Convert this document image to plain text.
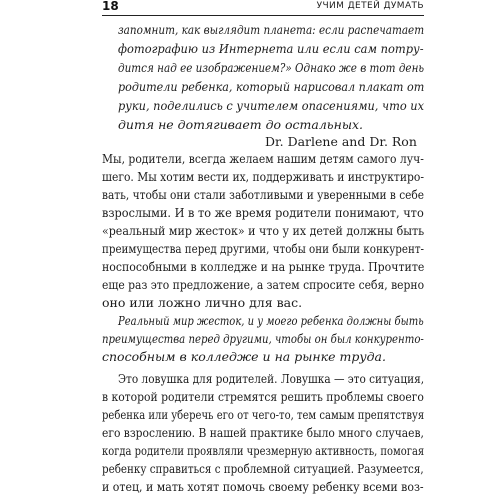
18	УЧИМ ДЕТЕЙ ДУМАТЬ
запомнит, как выглядит планета: если распечатает
фотографию из Интернета или если сам потру-
дится над ее изображением?» Однако же в тот день
родители ребенка, который нарисовал плакат от
руки, поделились с учителем опасениями, что их
дитя не дотягивает до остальных.
Dr. Darlene and Dr. Ron
Мы, родители, всегда желаем нашим детям самого луч-
шего. Мы хотим вести их, поддерживать и инструктиро-
вать, чтобы они стали заботливыми и уверенными в себе
взрослыми. И в то же время родители понимают, что
«реальный мир жесток» и что у их детей должны быть
преимущества перед другими, чтобы они были конкурент-
носпособными в колледже и на рынке труда. Прочтите
еще раз это предложение, а затем спросите себя, верно
оно или ложно лично для вас.
Реальный мир жесток, и у моего ребенка должны быть
преимущества перед другими, чтобы он был конкуренто-
способным в колледже и на рынке труда.
Это ловушка для родителей. Ловушка — это ситуация,
в которой родители стремятся решить проблемы своего
ребенка или уберечь его от чего-то, тем самым препятствуя
его взрослению. В нашей практике было много случаев,
когда родители проявляли чрезмерную активность, помогая
ребенку справиться с проблемной ситуацией. Разумеется,
и отец, и мать хотят помочь своему ребенку всеми воз-
